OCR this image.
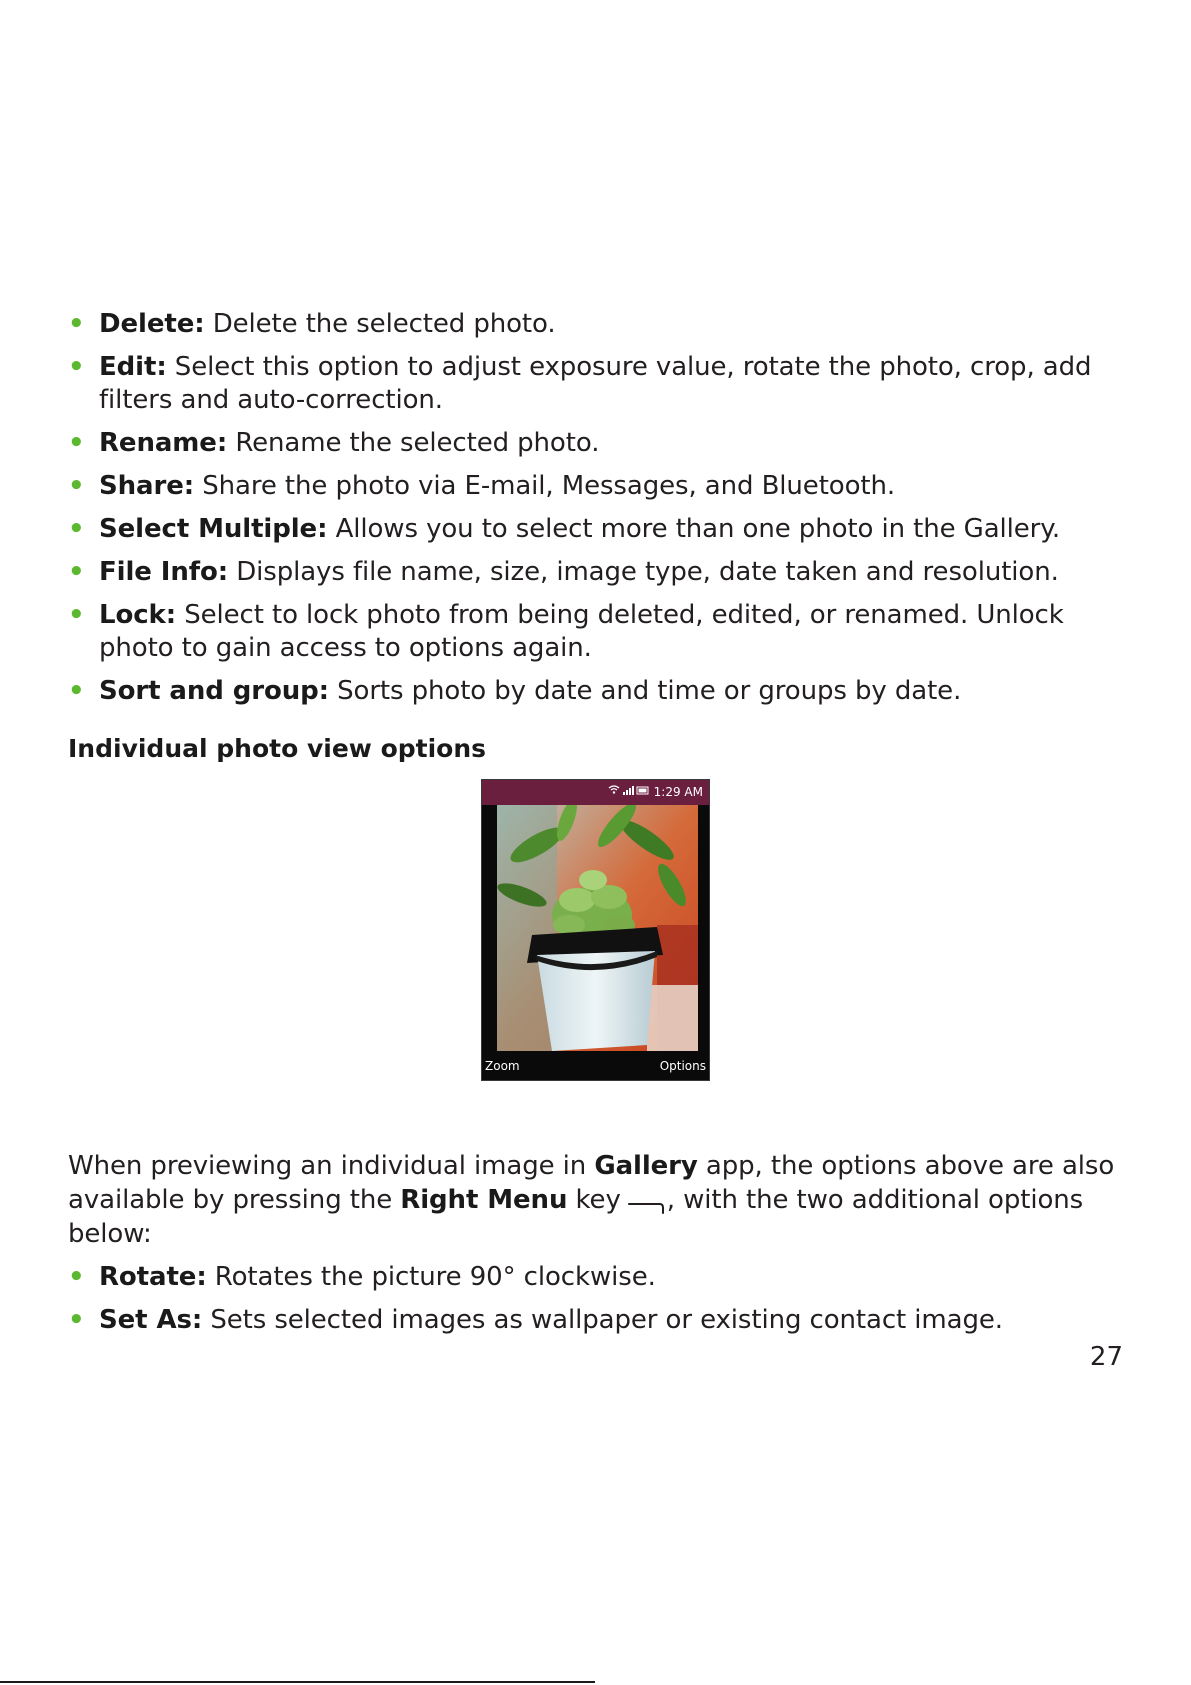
• Delete: Delete the selected photo.
• Edit: Select this option to adjust exposure value, rotate the photo, crop, add filters and auto-correction.
• Rename: Rename the selected photo.
• Share: Share the photo via E-mail, Messages, and Bluetooth.
• Select Multiple: Allows you to select more than one photo in the Gallery.
• File Info: Displays file name, size, image type, date taken and resolution.
• Lock: Select to lock photo from being deleted, edited, or renamed. Unlock photo to gain access to options again.
• Sort and group: Sorts photo by date and time or groups by date.
Individual photo view options
1:29 AM
Zoom	Options

When previewing an individual image in Gallery app, the options above are also available by pressing the Right Menu key , with the two additional options below:

• Rotate: Rotates the picture 90° clockwise.
• Set As: Sets selected images as wallpaper or existing contact image.
27
